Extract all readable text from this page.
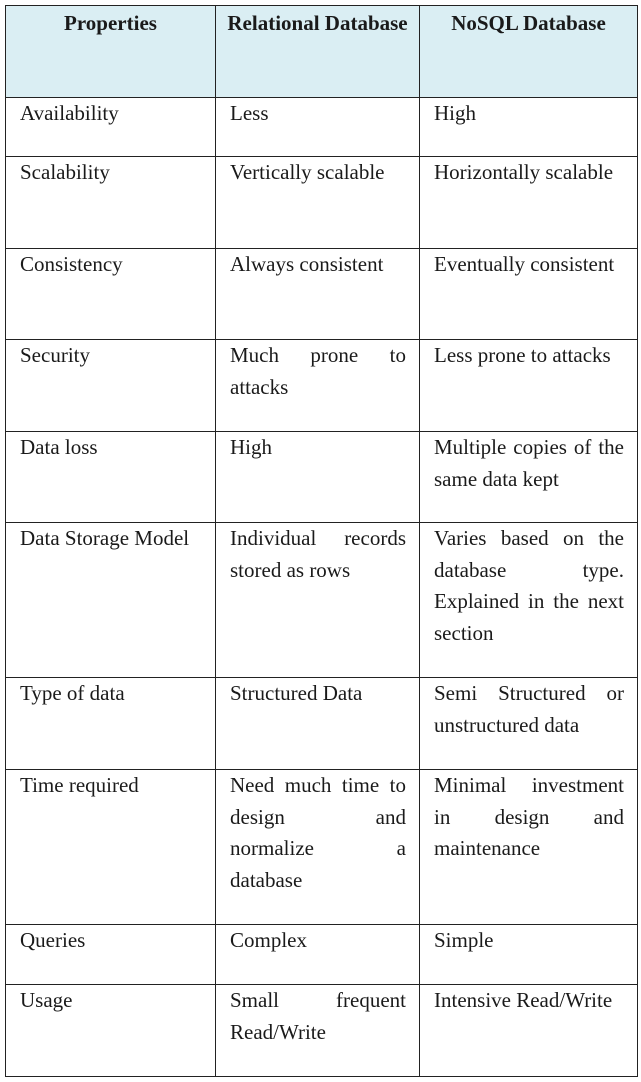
Properties	Relational Database	NoSQL Database
Availability	Less	High
Scalability	Vertically scalable	Horizontally scalable
Consistency	Always consistent	Eventually consistent
Security	Much prone to attacks	Less prone to attacks
Data loss	High	Multiple copies of the same data kept
Data Storage Model	Individual records stored as rows	Varies based on the database type. Explained in the next section
Type of data	Structured Data	Semi Structured or unstructured data
Time required	Need much time to design and normalize a database	Minimal investment in design and maintenance
Queries	Complex	Simple
Usage	Small frequent Read/Write	Intensive Read/Write
